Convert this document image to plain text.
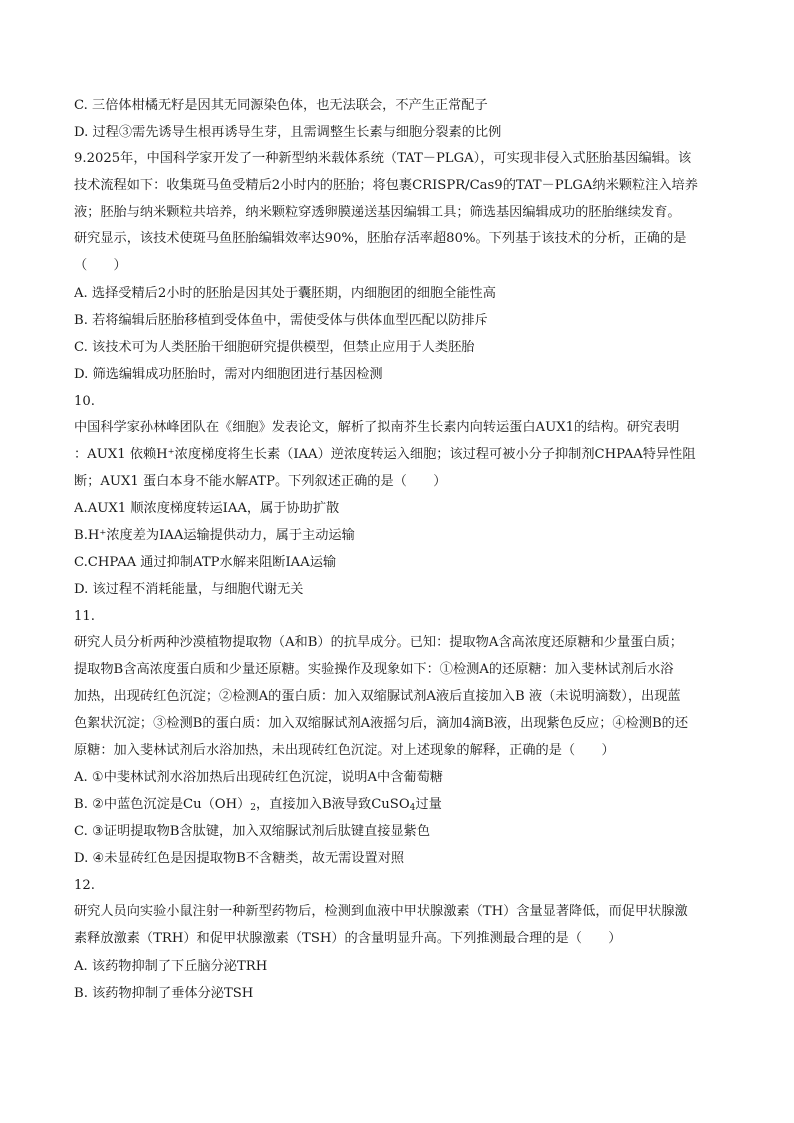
C. 三倍体柑橘无籽是因其无同源染色体，也无法联会，不产生正常配子
D. 过程③需先诱导生根再诱导生芽，且需调整生长素与细胞分裂素的比例
9.2025年，中国科学家开发了一种新型纳米载体系统（TAT－PLGA），可实现非侵入式胚胎基因编辑。该
技术流程如下：收集斑马鱼受精后2小时内的胚胎；将包裹CRISPR/Cas9的TAT－PLGA纳米颗粒注入培养
液；胚胎与纳米颗粒共培养，纳米颗粒穿透卵膜递送基因编辑工具；筛选基因编辑成功的胚胎继续发育。
研究显示，该技术使斑马鱼胚胎编辑效率达90%，胚胎存活率超80%。下列基于该技术的分析，正确的是
（　　）
A. 选择受精后2小时的胚胎是因其处于囊胚期，内细胞团的细胞全能性高
B. 若将编辑后胚胎移植到受体鱼中，需使受体与供体血型匹配以防排斥
C. 该技术可为人类胚胎干细胞研究提供模型，但禁止应用于人类胚胎
D. 筛选编辑成功胚胎时，需对内细胞团进行基因检测
10.
中国科学家孙林峰团队在《细胞》发表论文，解析了拟南芥生长素内向转运蛋白AUX1的结构。研究表明
：AUX1 依赖H⁺浓度梯度将生长素（IAA）逆浓度转运入细胞；该过程可被小分子抑制剂CHPAA特异性阻
断；AUX1 蛋白本身不能水解ATP。下列叙述正确的是（　　）
A.AUX1 顺浓度梯度转运IAA，属于协助扩散
B.H⁺浓度差为IAA运输提供动力，属于主动运输
C.CHPAA 通过抑制ATP水解来阻断IAA运输
D. 该过程不消耗能量，与细胞代谢无关
11.
研究人员分析两种沙漠植物提取物（A和B）的抗旱成分。已知：提取物A含高浓度还原糖和少量蛋白质；
提取物B含高浓度蛋白质和少量还原糖。实验操作及现象如下：①检测A的还原糖：加入斐林试剂后水浴
加热，出现砖红色沉淀；②检测A的蛋白质：加入双缩脲试剂A液后直接加入B 液（未说明滴数），出现蓝
色絮状沉淀；③检测B的蛋白质：加入双缩脲试剂A液摇匀后，滴加4滴B液，出现紫色反应；④检测B的还
原糖：加入斐林试剂后水浴加热，未出现砖红色沉淀。对上述现象的解释，正确的是（　　）
A. ①中斐林试剂水浴加热后出现砖红色沉淀，说明A中含葡萄糖
B. ②中蓝色沉淀是$Cu(OH)_2$，直接加入B液导致CuSO$_4$过量
C. ③证明提取物B含肽键，加入双缩脲试剂后肽键直接显紫色
D. ④未显砖红色是因提取物B不含糖类，故无需设置对照
12.
研究人员向实验小鼠注射一种新型药物后，检测到血液中甲状腺激素（TH）含量显著降低，而促甲状腺激
素释放激素（TRH）和促甲状腺激素（TSH）的含量明显升高。下列推测最合理的是（　　）
A. 该药物抑制了下丘脑分泌TRH
B. 该药物抑制了垂体分泌TSH
